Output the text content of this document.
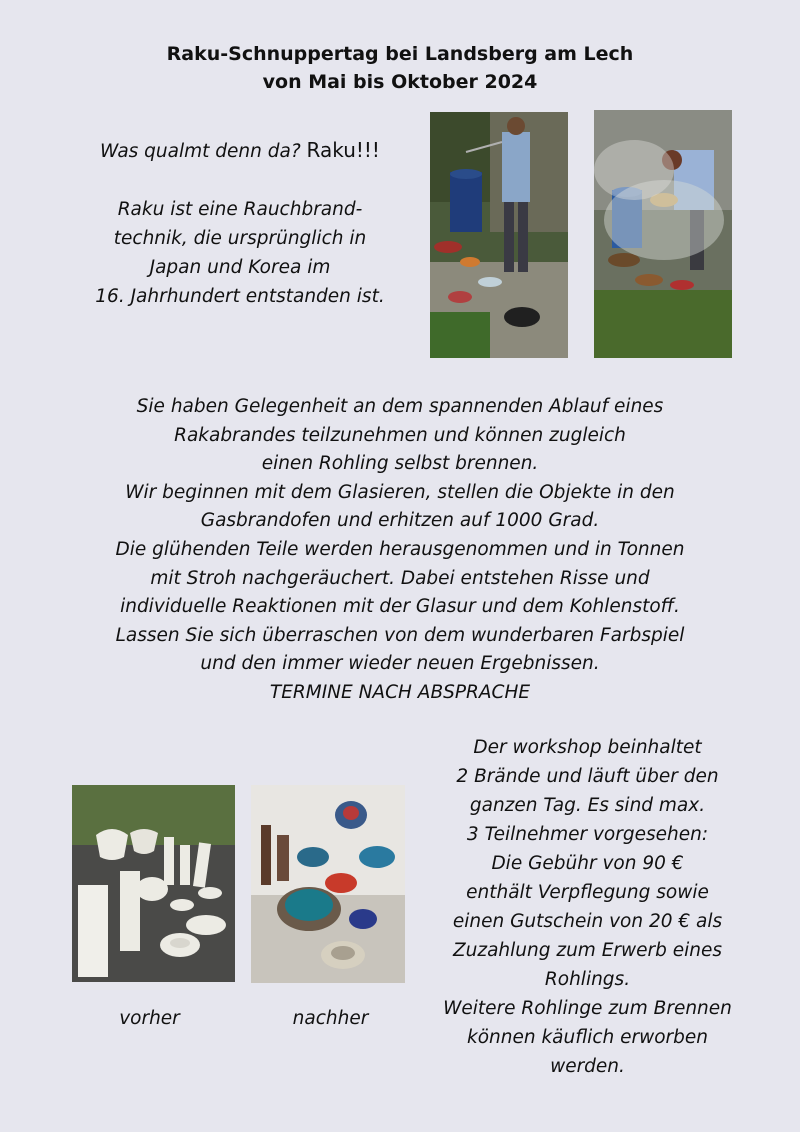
Raku-Schnuppertag bei Landsberg am Lech
von Mai bis Oktober 2024
Was qualmt denn da? Raku!!!
Raku ist eine Rauchbrand-
technik, die ursprünglich in
Japan und Korea im
16. Jahrhundert entstanden ist.
Sie haben Gelegenheit an dem spannenden Ablauf eines
Rakabrandes teilzunehmen und können zugleich
einen Rohling selbst brennen.
Wir beginnen mit dem Glasieren, stellen die Objekte in den
Gasbrandofen und erhitzen auf 1000 Grad.
Die glühenden Teile werden herausgenommen und in Tonnen
mit Stroh nachgeräuchert. Dabei entstehen Risse und
individuelle Reaktionen mit der Glasur und dem Kohlenstoff.
Lassen Sie sich überraschen von dem wunderbaren Farbspiel
und den immer wieder neuen Ergebnissen.
TERMINE NACH ABSPRACHE
Der workshop beinhaltet
2 Brände und läuft über den
ganzen Tag. Es sind max.
3 Teilnehmer vorgesehen:
Die Gebühr von 90 €
enthält Verpflegung sowie
einen Gutschein von 20 € als
Zuzahlung zum Erwerb eines
Rohlings.
Weitere Rohlinge zum Brennen
können käuflich erworben
werden.
vorher	nachher
